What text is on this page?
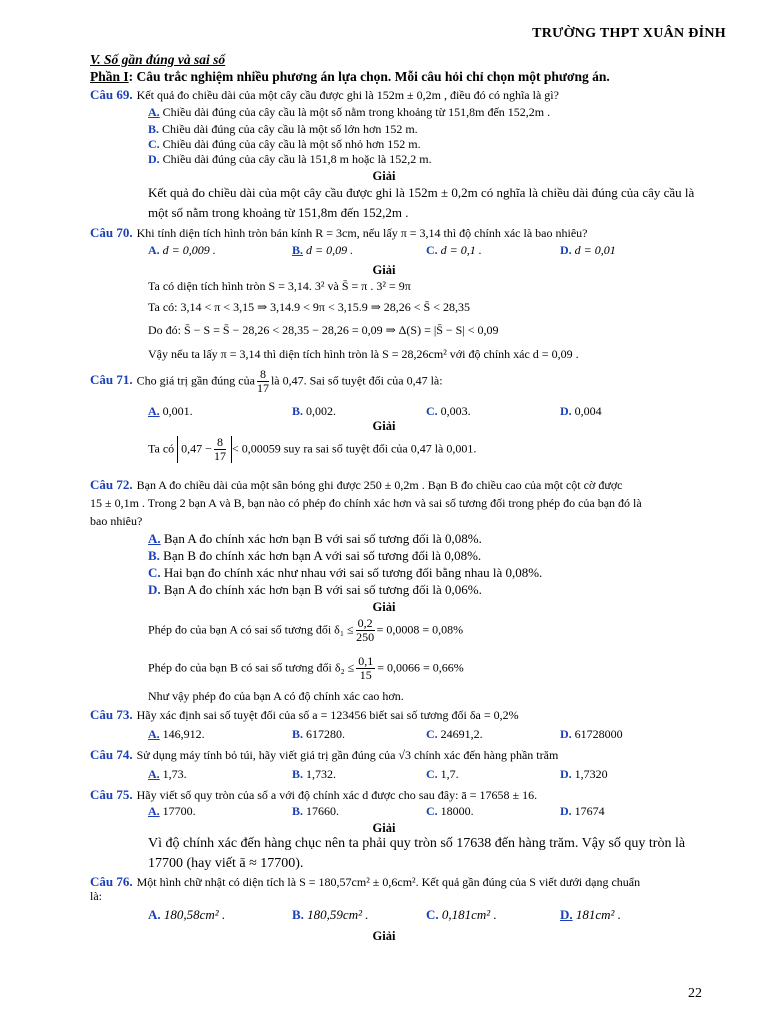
TRƯỜNG THPT XUÂN ĐỈNH
V. Số gần đúng và sai số
Phần I: Câu trắc nghiệm nhiều phương án lựa chọn. Mỗi câu hỏi chỉ chọn một phương án.
Câu 69. Kết quả đo chiều dài của một cây cầu được ghi là 152m ± 0,2m , điều đó có nghĩa là gì?
A. Chiều dài đúng của cây cầu là một số nằm trong khoảng từ 151,8m đến 152,2m .
B. Chiều dài đúng của cây cầu là một số lớn hơn 152 m.
C. Chiều dài đúng của cây cầu là một số nhỏ hơn 152 m.
D. Chiều dài đúng của cây cầu là 151,8 m hoặc là 152,2 m.
Giải
Kết quả đo chiều dài của một cây cầu được ghi là 152m ± 0,2m có nghĩa là chiều dài đúng của cây cầu là
một số nằm trong khoảng từ 151,8m đến 152,2m .
Câu 70. Khi tính diện tích hình tròn bán kính R = 3cm, nếu lấy π = 3,14 thì độ chính xác là bao nhiêu?
A. d = 0,009 .	B. d = 0,09 .	C. d = 0,1 .	D. d = 0,01
Giải
Ta có diện tích hình tròn S = 3,14. 3² và S̄ = π . 3² = 9π
Ta có: 3,14 < π < 3,15 ⇒ 3,14.9 < 9π < 3,15.9 ⇒ 28,26 < S̄ < 28,35
Do đó: S̄ − S = S̄ − 28,26 < 28,35 − 28,26 = 0,09 ⇒ Δ(S) = |S̄ − S| < 0,09
Vậy nếu ta lấy π = 3,14 thì diện tích hình tròn là S = 28,26cm² với độ chính xác d = 0,09 .
Câu 71. Cho giá trị gần đúng của $\frac{8}{17}$ là 0,47. Sai số tuyệt đối của 0,47 là:
A. 0,001.	B. 0,002.	C. 0,003.	D. 0,004
Giải
Ta có $0,47 - \frac{8}{17} < 0,00059$ suy ra sai số tuyệt đối của 0,47 là 0,001.
Câu 72. Bạn A đo chiều dài của một sân bóng ghi được 250 ± 0,2m . Bạn B đo chiều cao của một cột cờ được
15 ± 0,1m . Trong 2 bạn A và B, bạn nào có phép đo chính xác hơn và sai số tương đối trong phép đo của bạn đó là
bao nhiêu?
A. Bạn A đo chính xác hơn bạn B với sai số tương đối là 0,08%.
B. Bạn B đo chính xác hơn bạn A với sai số tương đối là 0,08%.
C. Hai bạn đo chính xác như nhau với sai số tương đối bằng nhau là 0,08%.
D. Bạn A đo chính xác hơn bạn B với sai số tương đối là 0,06%.
Giải
Phép đo của bạn A có sai số tương đối $\delta_1 \le \frac{0,2}{250} = 0,0008 = 0,08\%$
Phép đo của bạn B có sai số tương đối $\delta_2 \le \frac{0,1}{15} = 0,0066 = 0,66\%$
Như vậy phép đo của bạn A có độ chính xác cao hơn.
Câu 73. Hãy xác định sai số tuyệt đối của số a = 123456 biết sai số tương đối δa = 0,2%
A. 146,912.	B. 617280.	C. 24691,2.	D. 61728000
Câu 74. Sử dụng máy tính bỏ túi, hãy viết giá trị gần đúng của √3 chính xác đến hàng phần trăm
A. 1,73.	B. 1,732.	C. 1,7.	D. 1,7320
Câu 75. Hãy viết số quy tròn của số a với độ chính xác d được cho sau đây: ā = 17658 ± 16.
A. 17700.	B. 17660.	C. 18000.	D. 17674
Giải
Vì độ chính xác đến hàng chục nên ta phải quy tròn số 17638 đến hàng trăm. Vậy số quy tròn là
17700 (hay viết ā ≈ 17700).
Câu 76. Một hình chữ nhật có diện tích là S = 180,57cm² ± 0,6cm². Kết quả gần đúng của S viết dưới dạng chuẩn
là:
A. 180,58cm² .	B. 180,59cm² .	C. 0,181cm² .	D. 181cm² .
Giải
22
